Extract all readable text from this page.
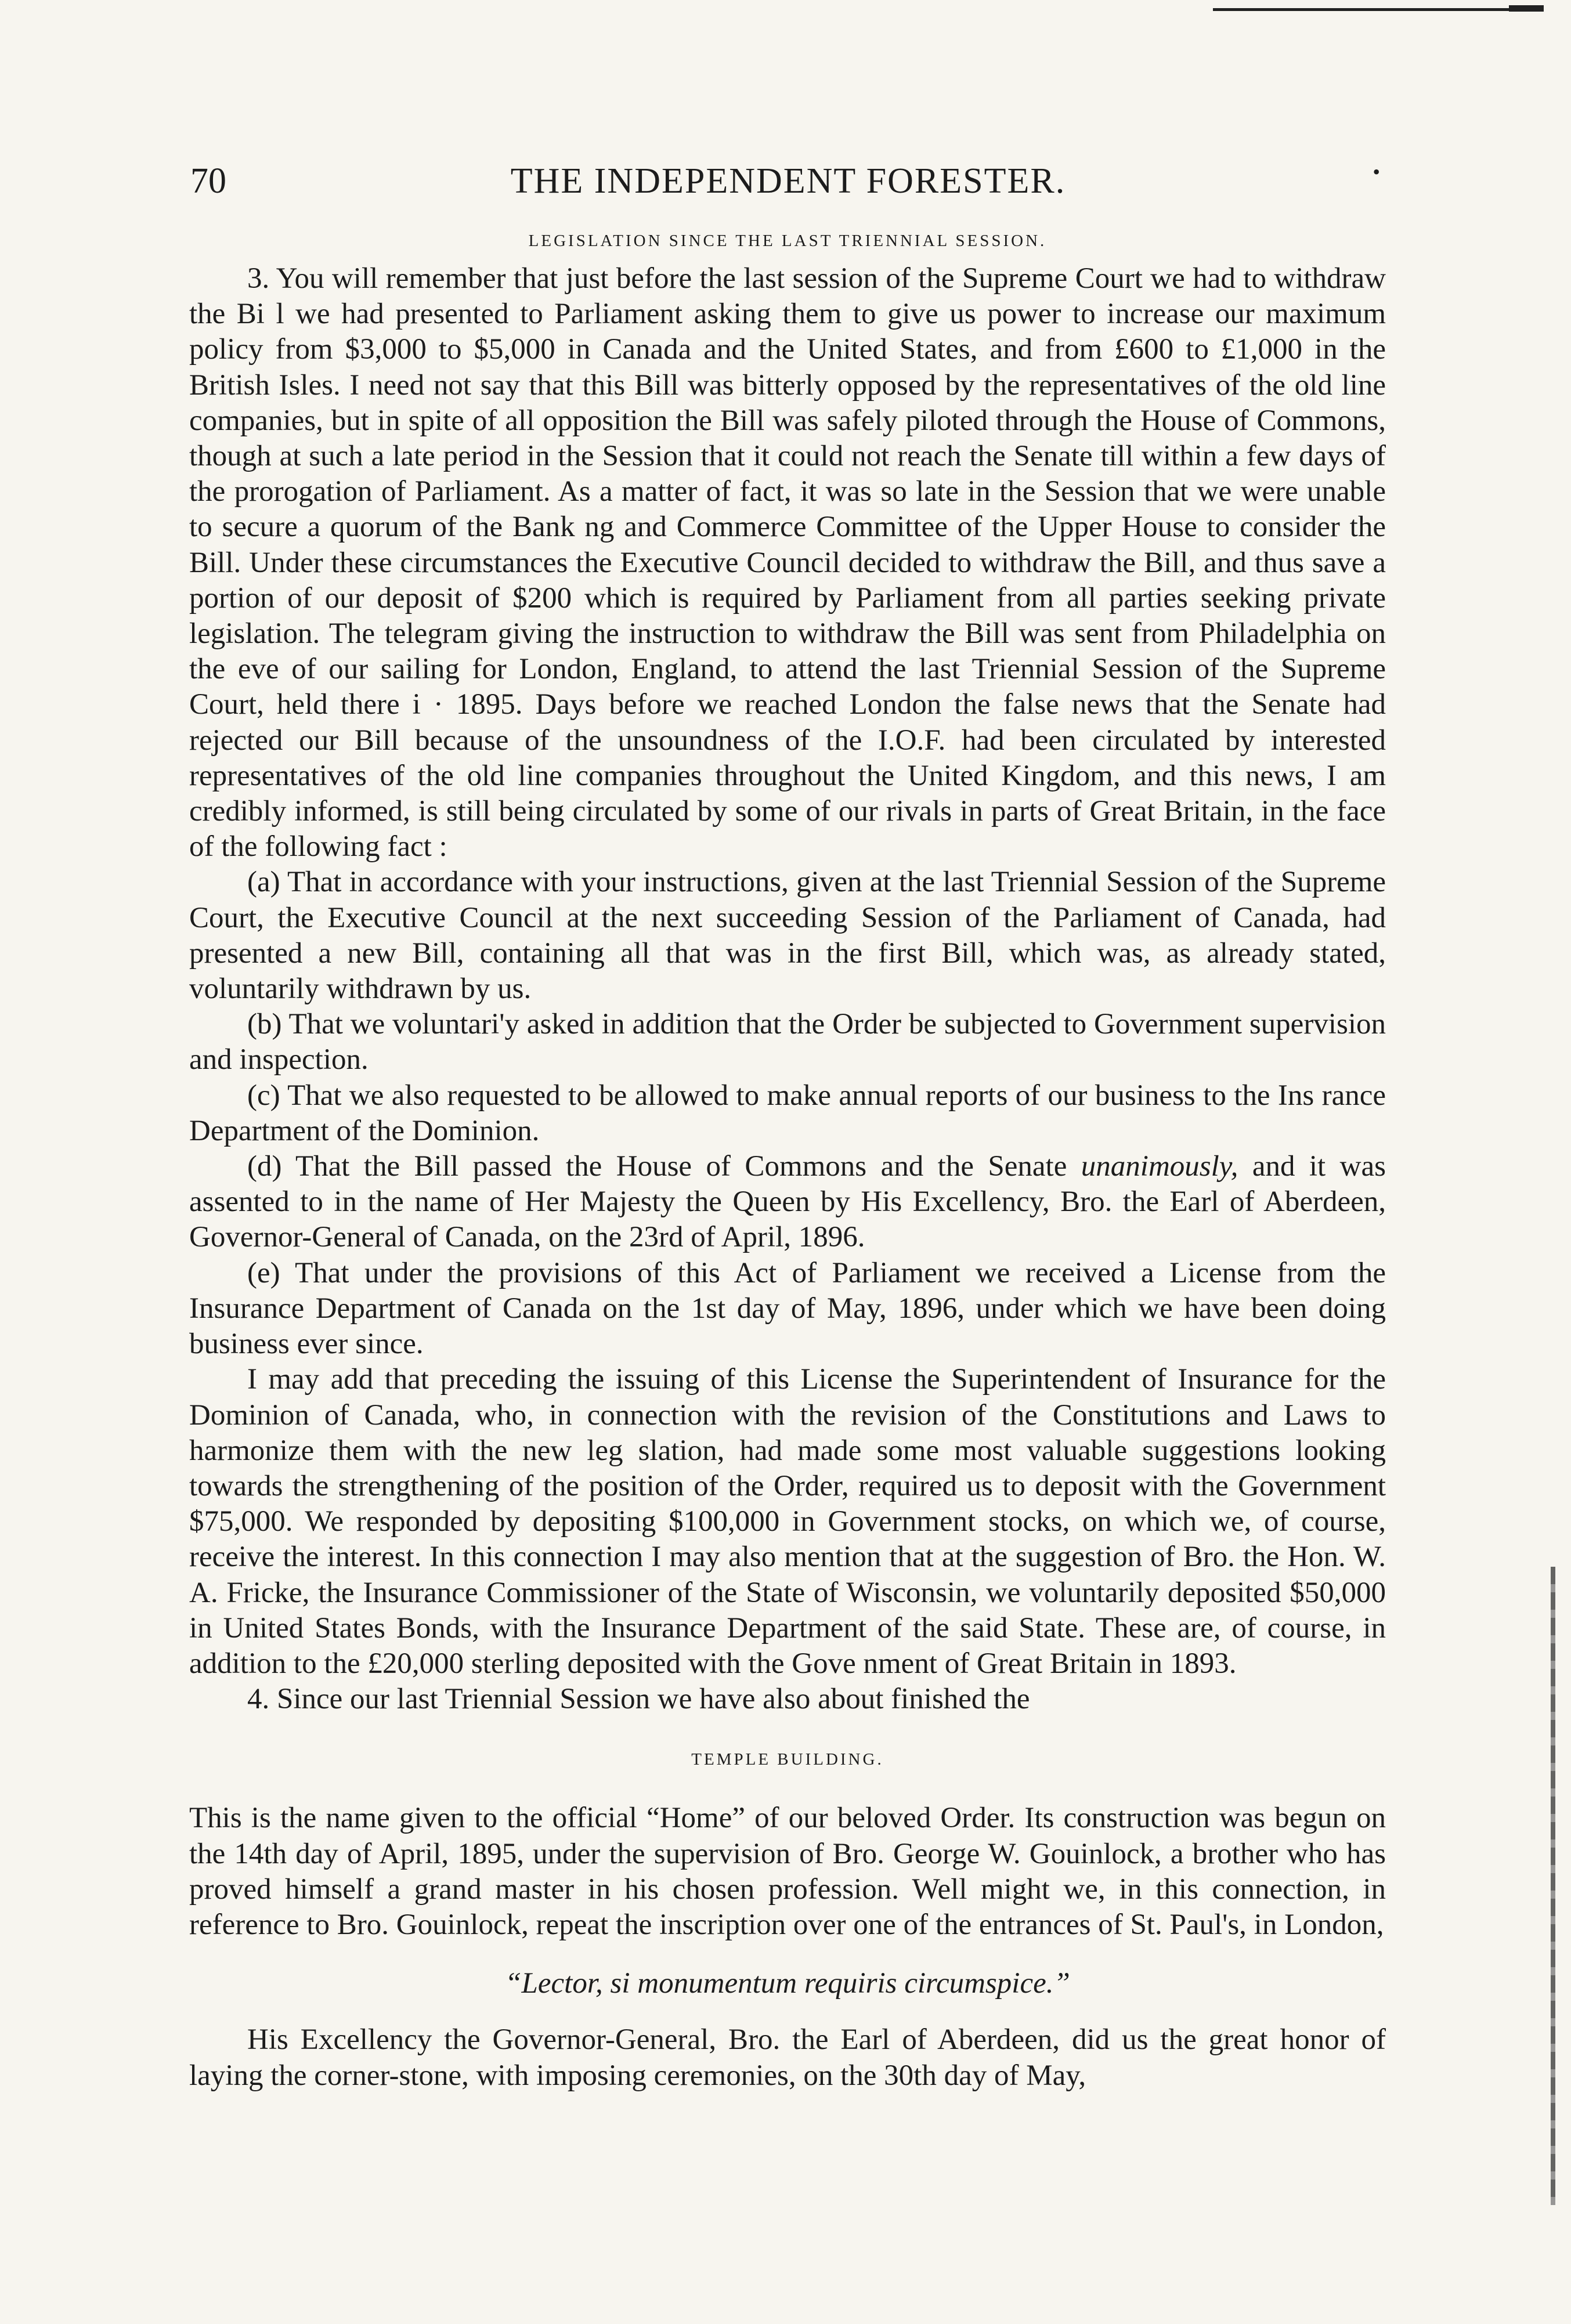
70	THE INDEPENDENT FORESTER.	•
LEGISLATION SINCE THE LAST TRIENNIAL SESSION.

3. You will remember that just before the last session of the Supreme Court we had to withdraw the Bi l we had presented to Parliament asking them to give us power to increase our maximum policy from $3,000 to $5,000 in Canada and the United States, and from £600 to £1,000 in the British Isles. I need not say that this Bill was bitterly opposed by the representatives of the old line companies, but in spite of all opposition the Bill was safely piloted through the House of Commons, though at such a late period in the Session that it could not reach the Senate till within a few days of the prorogation of Parliament. As a matter of fact, it was so late in the Session that we were unable to secure a quorum of the Bank ng and Commerce Committee of the Upper House to consider the Bill. Under these circumstances the Executive Council decided to withdraw the Bill, and thus save a portion of our deposit of $200 which is required by Parliament from all parties seeking private legislation. The telegram giving the instruction to withdraw the Bill was sent from Philadelphia on the eve of our sailing for London, England, to attend the last Triennial Session of the Supreme Court, held there i · 1895. Days before we reached London the false news that the Senate had rejected our Bill because of the unsoundness of the I.O.F. had been circulated by interested representatives of the old line companies throughout the United Kingdom, and this news, I am credibly informed, is still being circulated by some of our rivals in parts of Great Britain, in the face of the following fact :

(a) That in accordance with your instructions, given at the last Triennial Session of the Supreme Court, the Executive Council at the next succeeding Session of the Parliament of Canada, had presented a new Bill, containing all that was in the first Bill, which was, as already stated, voluntarily withdrawn by us.

(b) That we voluntari'y asked in addition that the Order be subjected to Government supervision and inspection.

(c) That we also requested to be allowed to make annual reports of our business to the Ins rance Department of the Dominion.

(d) That the Bill passed the House of Commons and the Senate unanimously, and it was assented to in the name of Her Majesty the Queen by His Excellency, Bro. the Earl of Aberdeen, Governor-General of Canada, on the 23rd of April, 1896.

(e) That under the provisions of this Act of Parliament we received a License from the Insurance Department of Canada on the 1st day of May, 1896, under which we have been doing business ever since.

I may add that preceding the issuing of this License the Superintendent of Insurance for the Dominion of Canada, who, in connection with the revision of the Constitutions and Laws to harmonize them with the new leg slation, had made some most valuable suggestions looking towards the strengthening of the position of the Order, required us to deposit with the Government $75,000. We responded by depositing $100,000 in Government stocks, on which we, of course, receive the interest. In this connection I may also mention that at the suggestion of Bro. the Hon. W. A. Fricke, the Insurance Commissioner of the State of Wisconsin, we voluntarily deposited $50,000 in United States Bonds, with the Insurance Department of the said State. These are, of course, in addition to the £20,000 sterling deposited with the Gove nment of Great Britain in 1893.

4. Since our last Triennial Session we have also about finished the

TEMPLE BUILDING.

This is the name given to the official “Home” of our beloved Order. Its construction was begun on the 14th day of April, 1895, under the supervision of Bro. George W. Gouinlock, a brother who has proved himself a grand master in his chosen profession. Well might we, in this connection, in reference to Bro. Gouinlock, repeat the inscription over one of the entrances of St. Paul's, in London,

“Lector, si monumentum requiris circumspice.”

His Excellency the Governor-General, Bro. the Earl of Aberdeen, did us the great honor of laying the corner-stone, with imposing ceremonies, on the 30th day of May,
